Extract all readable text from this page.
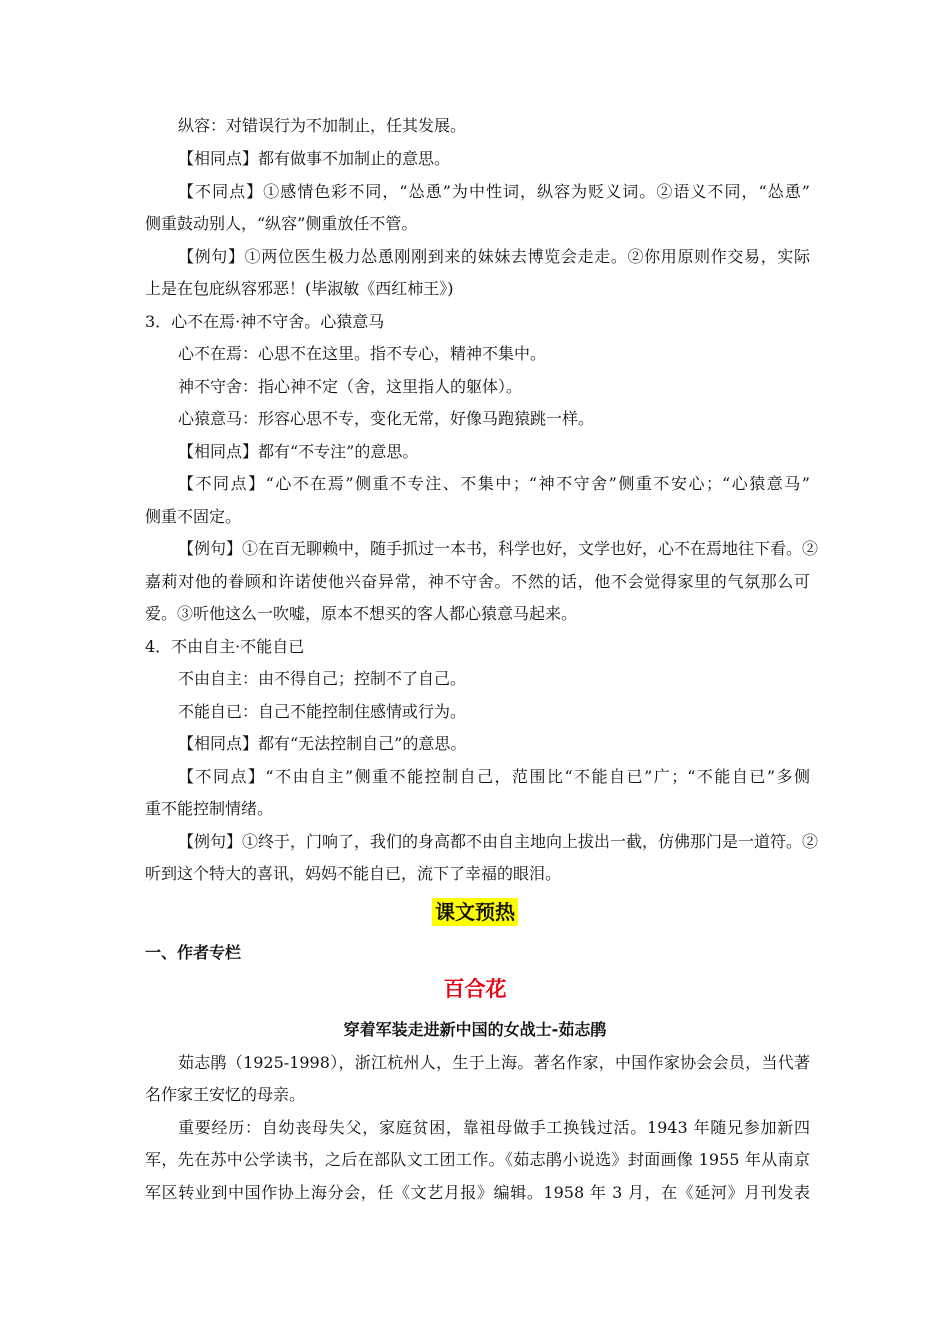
纵容：对错误行为不加制止，任其发展。
【相同点】都有做事不加制止的意思。
【不同点】①感情色彩不同，“怂恿”为中性词，纵容为贬义词。②语义不同，“怂恿”
侧重鼓动别人，“纵容”侧重放任不管。
【例句】①两位医生极力怂恿刚刚到来的妹妹去博览会走走。②你用原则作交易，实际
上是在包庇纵容邪恶！(毕淑敏《西红柿王》)
3．心不在焉·神不守舍。心猿意马
心不在焉：心思不在这里。指不专心，精神不集中。
神不守舍：指心神不定（舍，这里指人的躯体）。
心猿意马：形容心思不专，变化无常，好像马跑猿跳一样。
【相同点】都有“不专注”的意思。
【不同点】“心不在焉”侧重不专注、不集中；“神不守舍”侧重不安心；“心猿意马”
侧重不固定。
【例句】①在百无聊赖中，随手抓过一本书，科学也好，文学也好，心不在焉地往下看。②
嘉莉对他的眷顾和许诺使他兴奋异常，神不守舍。不然的话，他不会觉得家里的气氛那么可
爱。③听他这么一吹嘘，原本不想买的客人都心猿意马起来。
4．不由自主·不能自已
不由自主：由不得自己；控制不了自己。
不能自已：自己不能控制住感情或行为。
【相同点】都有“无法控制自己”的意思。
【不同点】“不由自主”侧重不能控制自己，范围比“不能自已”广；“不能自已”多侧
重不能控制情绪。
【例句】①终于，门响了，我们的身高都不由自主地向上拔出一截，仿佛那门是一道符。②
听到这个特大的喜讯，妈妈不能自已，流下了幸福的眼泪。
课文预热
一、作者专栏
百合花
穿着军装走进新中国的女战士-茹志鹃
茹志鹃（1925-1998），浙江杭州人，生于上海。著名作家，中国作家协会会员，当代著
名作家王安忆的母亲。
重要经历：自幼丧母失父，家庭贫困，靠祖母做手工换钱过活。1943 年随兄参加新四
军，先在苏中公学读书，之后在部队文工团工作。《茹志鹃小说选》封面画像 1955 年从南京
军区转业到中国作协上海分会，任《文艺月报》编辑。1958 年 3 月，在《延河》月刊发表
